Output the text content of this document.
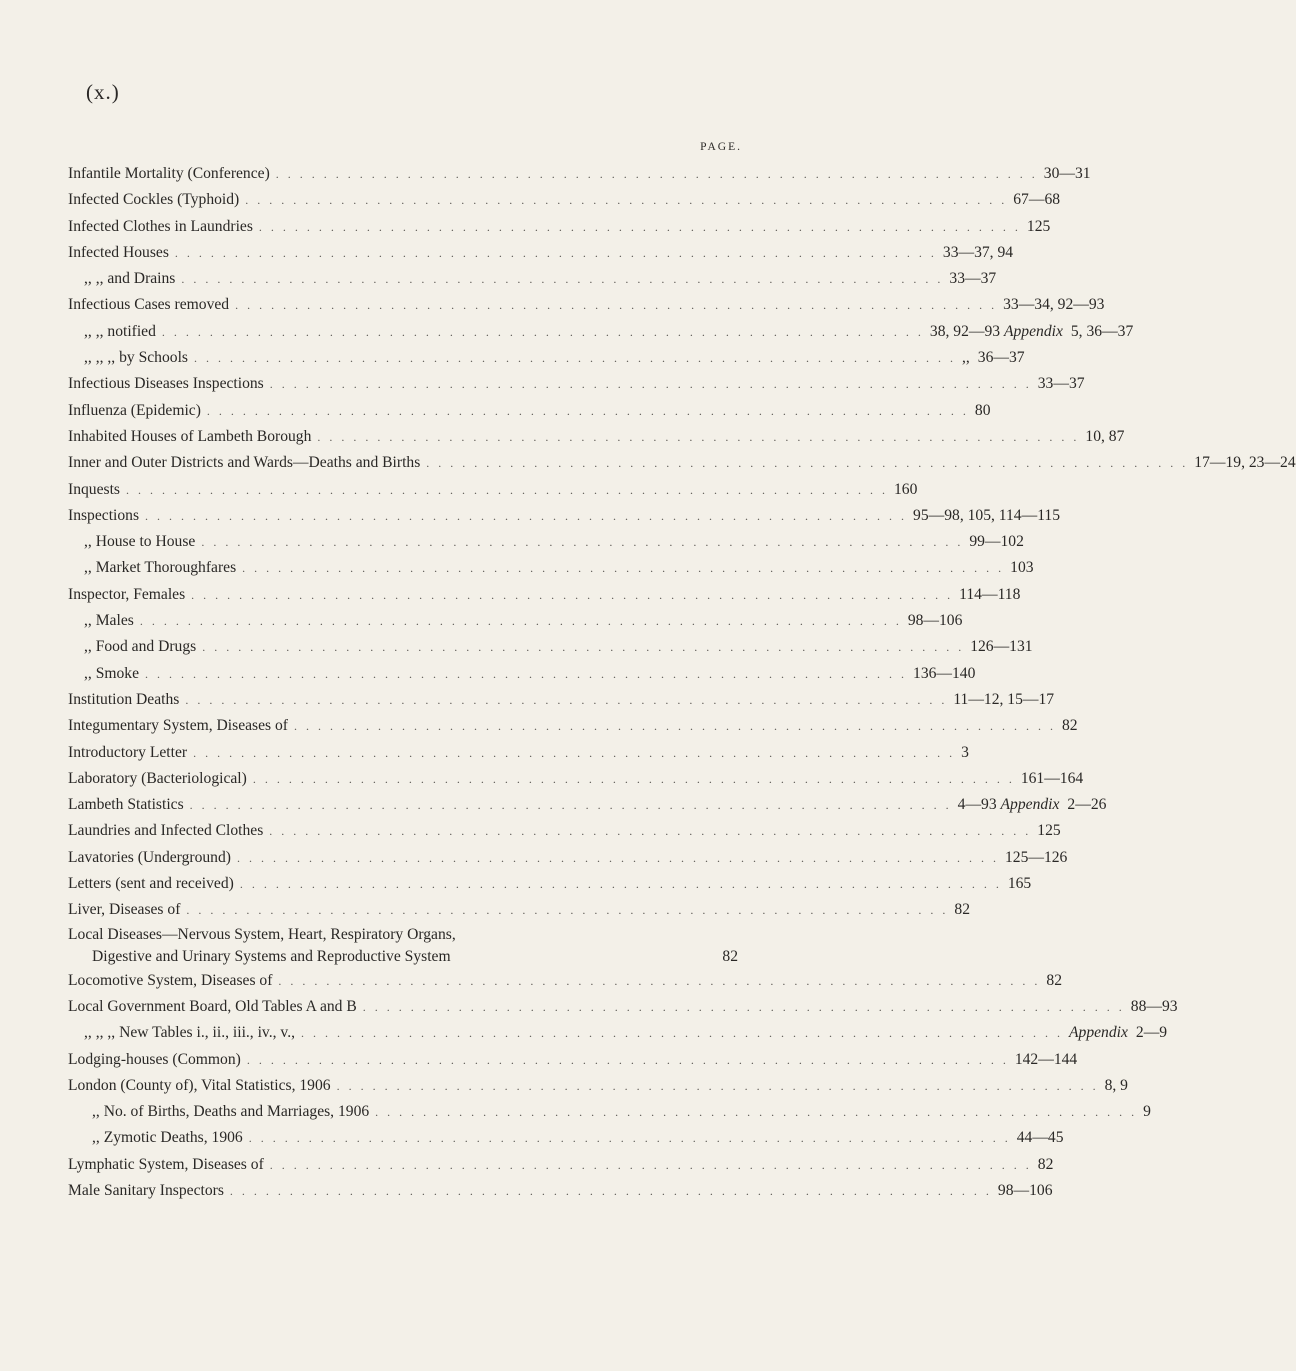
(x.)
PAGE.
Infantile Mortality (Conference) . . . . . . . . . . . . . . . . . . . . . . . . . . . . . . . . . . . . . . . . . . . . . . . . . . . . . . . . . . . . . . . . 30—31
Infected Cockles (Typhoid) . . . . . . . . . . . . . . . . . . . . . . . . . . . . . . . . . . . . . . . . . . . . . . . . . . . . . . . . . . . . . . . . 67—68
Infected Clothes in Laundries . . . . . . . . . . . . . . . . . . . . . . . . . . . . . . . . . . . . . . . . . . . . . . . . . . . . . . . . . . . . . . . . 125
Infected Houses . . . . . . . . . . . . . . . . . . . . . . . . . . . . . . . . . . . . . . . . . . . . . . . . . . . . . . . . . . . . . . . . 33—37, 94
,, ,, and Drains . . . . . . . . . . . . . . . . . . . . . . . . . . . . . . . . . . . . . . . . . . . . . . . . . . . . . . . . . . . . . . . . 33—37
Infectious Cases removed . . . . . . . . . . . . . . . . . . . . . . . . . . . . . . . . . . . . . . . . . . . . . . . . . . . . . . . . . . . . . . . . 33—34, 92—93
,, ,, notified . . . . . . . . . . . . . . . . . . . . . . . . . . . . . . . . . . . . . . . . . . . . . . . . . . . . . . . . . . . . . . . . 38, 92—93 Appendix 5, 36—37
,, ,, ,, by Schools . . . . . . . . . . . . . . . . . . . . . . . . . . . . . . . . . . . . . . . . . . . . . . . . . . . . . . . . . . . . . . . . ,, 36—37
Infectious Diseases Inspections . . . . . . . . . . . . . . . . . . . . . . . . . . . . . . . . . . . . . . . . . . . . . . . . . . . . . . . . . . . . . . . . 33—37
Influenza (Epidemic) . . . . . . . . . . . . . . . . . . . . . . . . . . . . . . . . . . . . . . . . . . . . . . . . . . . . . . . . . . . . . . . . 80
Inhabited Houses of Lambeth Borough . . . . . . . . . . . . . . . . . . . . . . . . . . . . . . . . . . . . . . . . . . . . . . . . . . . . . . . . . . . . . . . . 10, 87
Inner and Outer Districts and Wards—Deaths and Births . . . . . . . . . . . . . . . . . . . . . . . . . . . . . . . . . . . . . . . . . . . . . . . . . . . . . . . . . . . . . . . . 17—19, 23—24
Inquests . . . . . . . . . . . . . . . . . . . . . . . . . . . . . . . . . . . . . . . . . . . . . . . . . . . . . . . . . . . . . . . . 160
Inspections . . . . . . . . . . . . . . . . . . . . . . . . . . . . . . . . . . . . . . . . . . . . . . . . . . . . . . . . . . . . . . . . 95—98, 105, 114—115
,, House to House . . . . . . . . . . . . . . . . . . . . . . . . . . . . . . . . . . . . . . . . . . . . . . . . . . . . . . . . . . . . . . . . 99—102
,, Market Thoroughfares . . . . . . . . . . . . . . . . . . . . . . . . . . . . . . . . . . . . . . . . . . . . . . . . . . . . . . . . . . . . . . . . 103
Inspector, Females . . . . . . . . . . . . . . . . . . . . . . . . . . . . . . . . . . . . . . . . . . . . . . . . . . . . . . . . . . . . . . . . 114—118
,, Males . . . . . . . . . . . . . . . . . . . . . . . . . . . . . . . . . . . . . . . . . . . . . . . . . . . . . . . . . . . . . . . . 98—106
,, Food and Drugs . . . . . . . . . . . . . . . . . . . . . . . . . . . . . . . . . . . . . . . . . . . . . . . . . . . . . . . . . . . . . . . . 126—131
,, Smoke . . . . . . . . . . . . . . . . . . . . . . . . . . . . . . . . . . . . . . . . . . . . . . . . . . . . . . . . . . . . . . . . 136—140
Institution Deaths . . . . . . . . . . . . . . . . . . . . . . . . . . . . . . . . . . . . . . . . . . . . . . . . . . . . . . . . . . . . . . . . 11—12, 15—17
Integumentary System, Diseases of . . . . . . . . . . . . . . . . . . . . . . . . . . . . . . . . . . . . . . . . . . . . . . . . . . . . . . . . . . . . . . . . 82
Introductory Letter . . . . . . . . . . . . . . . . . . . . . . . . . . . . . . . . . . . . . . . . . . . . . . . . . . . . . . . . . . . . . . . . 3
Laboratory (Bacteriological) . . . . . . . . . . . . . . . . . . . . . . . . . . . . . . . . . . . . . . . . . . . . . . . . . . . . . . . . . . . . . . . . 161—164
Lambeth Statistics . . . . . . . . . . . . . . . . . . . . . . . . . . . . . . . . . . . . . . . . . . . . . . . . . . . . . . . . . . . . . . . . 4—93 Appendix 2—26
Laundries and Infected Clothes . . . . . . . . . . . . . . . . . . . . . . . . . . . . . . . . . . . . . . . . . . . . . . . . . . . . . . . . . . . . . . . . 125
Lavatories (Underground) . . . . . . . . . . . . . . . . . . . . . . . . . . . . . . . . . . . . . . . . . . . . . . . . . . . . . . . . . . . . . . . . 125—126
Letters (sent and received) . . . . . . . . . . . . . . . . . . . . . . . . . . . . . . . . . . . . . . . . . . . . . . . . . . . . . . . . . . . . . . . . 165
Liver, Diseases of . . . . . . . . . . . . . . . . . . . . . . . . . . . . . . . . . . . . . . . . . . . . . . . . . . . . . . . . . . . . . . . . 82
Local Diseases—Nervous System, Heart, Respiratory Organs,
Digestive and Urinary Systems and Reproductive System	82
Locomotive System, Diseases of . . . . . . . . . . . . . . . . . . . . . . . . . . . . . . . . . . . . . . . . . . . . . . . . . . . . . . . . . . . . . . . . 82
Local Government Board, Old Tables A and B . . . . . . . . . . . . . . . . . . . . . . . . . . . . . . . . . . . . . . . . . . . . . . . . . . . . . . . . . . . . . . . . 88—93
,, ,, ,, New Tables i., ii., iii., iv., v., . . . . . . . . . . . . . . . . . . . . . . . . . . . . . . . . . . . . . . . . . . . . . . . . . . . . . . . . . . . . . . . . Appendix 2—9
Lodging-houses (Common) . . . . . . . . . . . . . . . . . . . . . . . . . . . . . . . . . . . . . . . . . . . . . . . . . . . . . . . . . . . . . . . . 142—144
London (County of), Vital Statistics, 1906 . . . . . . . . . . . . . . . . . . . . . . . . . . . . . . . . . . . . . . . . . . . . . . . . . . . . . . . . . . . . . . . . 8, 9
,, No. of Births, Deaths and Marriages, 1906 . . . . . . . . . . . . . . . . . . . . . . . . . . . . . . . . . . . . . . . . . . . . . . . . . . . . . . . . . . . . . . . . 9
,, Zymotic Deaths, 1906 . . . . . . . . . . . . . . . . . . . . . . . . . . . . . . . . . . . . . . . . . . . . . . . . . . . . . . . . . . . . . . . . 44—45
Lymphatic System, Diseases of . . . . . . . . . . . . . . . . . . . . . . . . . . . . . . . . . . . . . . . . . . . . . . . . . . . . . . . . . . . . . . . . 82
Male Sanitary Inspectors . . . . . . . . . . . . . . . . . . . . . . . . . . . . . . . . . . . . . . . . . . . . . . . . . . . . . . . . . . . . . . . . 98—106
